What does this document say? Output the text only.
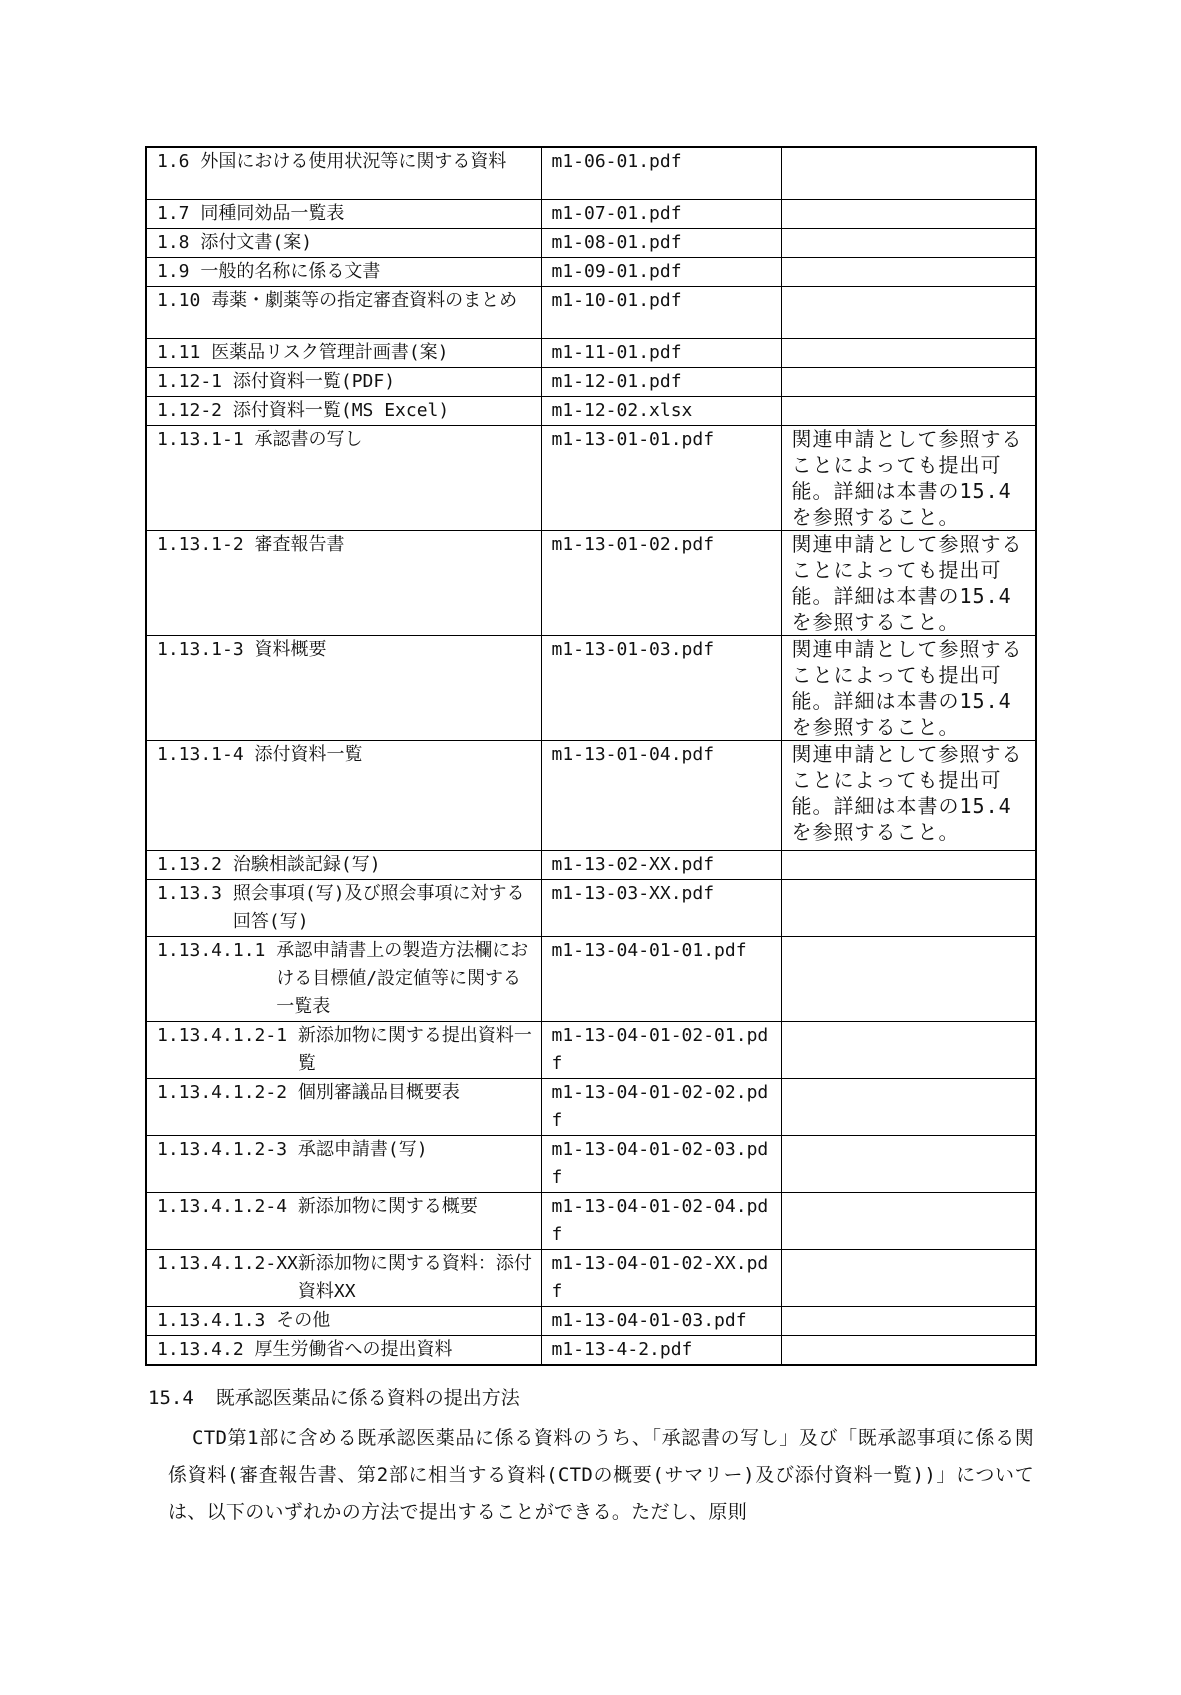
1.6 外国における使用状況等に関する資料	m1-06-01.pdf	

1.7 同種同効品一覧表	m1-07-01.pdf	

1.8 添付文書(案)	m1-08-01.pdf	

1.9 一般的名称に係る文書	m1-09-01.pdf	

1.10 毒薬・劇薬等の指定審査資料のまとめ	m1-10-01.pdf	

1.11 医薬品リスク管理計画書(案)	m1-11-01.pdf	

1.12-1 添付資料一覧(PDF)	m1-12-01.pdf	

1.12-2 添付資料一覧(MS Excel)	m1-12-02.xlsx	

1.13.1-1 承認書の写し	m1-13-01-01.pdf	関連申請として参照することによっても提出可能。詳細は本書の15.4を参照すること。

1.13.1-2 審査報告書	m1-13-01-02.pdf	関連申請として参照することによっても提出可能。詳細は本書の15.4を参照すること。

1.13.1-3 資料概要	m1-13-01-03.pdf	関連申請として参照することによっても提出可能。詳細は本書の15.4を参照すること。

1.13.1-4 添付資料一覧	m1-13-01-04.pdf	関連申請として参照することによっても提出可能。詳細は本書の15.4を参照すること。

1.13.2 治験相談記録(写)	m1-13-02-XX.pdf	

1.13.3 照会事項(写)及び照会事項に対する回答(写)	m1-13-03-XX.pdf	

1.13.4.1.1 承認申請書上の製造方法欄における目標値/設定値等に関する一覧表	m1-13-04-01-01.pdf	

1.13.4.1.2-1 新添加物に関する提出資料一覧	m1-13-04-01-02-01.pdf	

1.13.4.1.2-2 個別審議品目概要表	m1-13-04-01-02-02.pdf	

1.13.4.1.2-3 承認申請書(写)	m1-13-04-01-02-03.pdf	

1.13.4.1.2-4 新添加物に関する概要	m1-13-04-01-02-04.pdf	

1.13.4.1.2-XX 新添加物に関する資料：添付資料XX	m1-13-04-01-02-XX.pdf	

1.13.4.1.3 その他	m1-13-04-01-03.pdf	

1.13.4.2 厚生労働省への提出資料	m1-13-4-2.pdf	
15.4 既承認医薬品に係る資料の提出方法
CTD第1部に含める既承認医薬品に係る資料のうち、「承認書の写し」及び「既承認事項に係る関係資料(審査報告書、第2部に相当する資料(CTDの概要(サマリー)及び添付資料一覧))」については、以下のいずれかの方法で提出することができる。ただし、原則
